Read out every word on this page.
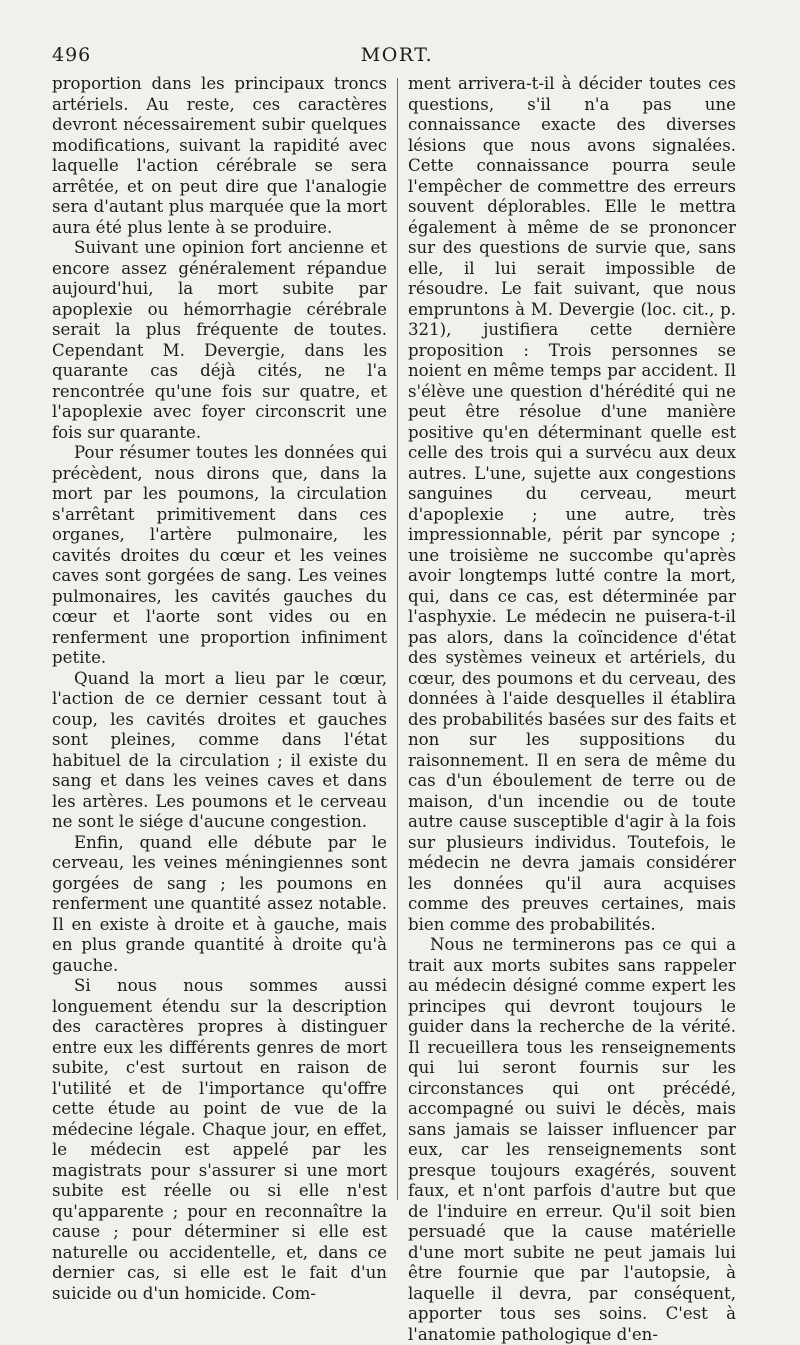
496	MORT.

proportion dans les principaux troncs artériels. Au reste, ces caractères devront nécessairement subir quelques modifications, suivant la rapidité avec laquelle l'action cérébrale se sera arrêtée, et on peut dire que l'analogie sera d'autant plus marquée que la mort aura été plus lente à se produire.

Suivant une opinion fort ancienne et encore assez généralement répandue aujourd'hui, la mort subite par apoplexie ou hémorrhagie cérébrale serait la plus fréquente de toutes. Cependant M. Devergie, dans les quarante cas déjà cités, ne l'a rencontrée qu'une fois sur quatre, et l'apoplexie avec foyer circonscrit une fois sur quarante.

Pour résumer toutes les données qui précèdent, nous dirons que, dans la mort par les poumons, la circulation s'arrêtant primitivement dans ces organes, l'artère pulmonaire, les cavités droites du cœur et les veines caves sont gorgées de sang. Les veines pulmonaires, les cavités gauches du cœur et l'aorte sont vides ou en renferment une proportion infiniment petite.

Quand la mort a lieu par le cœur, l'action de ce dernier cessant tout à coup, les cavités droites et gauches sont pleines, comme dans l'état habituel de la circulation ; il existe du sang et dans les veines caves et dans les artères. Les poumons et le cerveau ne sont le siége d'aucune congestion.

Enfin, quand elle débute par le cerveau, les veines méningiennes sont gorgées de sang ; les poumons en renferment une quantité assez notable. Il en existe à droite et à gauche, mais en plus grande quantité à droite qu'à gauche.

Si nous nous sommes aussi longuement étendu sur la description des caractères propres à distinguer entre eux les différents genres de mort subite, c'est surtout en raison de l'utilité et de l'importance qu'offre cette étude au point de vue de la médecine légale. Chaque jour, en effet, le médecin est appelé par les magistrats pour s'assurer si une mort subite est réelle ou si elle n'est qu'apparente ; pour en reconnaître la cause ; pour déterminer si elle est naturelle ou accidentelle, et, dans ce dernier cas, si elle est le fait d'un suicide ou d'un homicide. Com-

ment arrivera-t-il à décider toutes ces questions, s'il n'a pas une connaissance exacte des diverses lésions que nous avons signalées. Cette connaissance pourra seule l'empêcher de commettre des erreurs souvent déplorables. Elle le mettra également à même de se prononcer sur des questions de survie que, sans elle, il lui serait impossible de résoudre. Le fait suivant, que nous empruntons à M. Devergie (loc. cit., p. 321), justifiera cette dernière proposition : Trois personnes se noient en même temps par accident. Il s'élève une question d'hérédité qui ne peut être résolue d'une manière positive qu'en déterminant quelle est celle des trois qui a survécu aux deux autres. L'une, sujette aux congestions sanguines du cerveau, meurt d'apoplexie ; une autre, très impressionnable, périt par syncope ; une troisième ne succombe qu'après avoir longtemps lutté contre la mort, qui, dans ce cas, est déterminée par l'asphyxie. Le médecin ne puisera-t-il pas alors, dans la coïncidence d'état des systèmes veineux et artériels, du cœur, des poumons et du cerveau, des données à l'aide desquelles il établira des probabilités basées sur des faits et non sur les suppositions du raisonnement. Il en sera de même du cas d'un éboulement de terre ou de maison, d'un incendie ou de toute autre cause susceptible d'agir à la fois sur plusieurs individus. Toutefois, le médecin ne devra jamais considérer les données qu'il aura acquises comme des preuves certaines, mais bien comme des probabilités.

Nous ne terminerons pas ce qui a trait aux morts subites sans rappeler au médecin désigné comme expert les principes qui devront toujours le guider dans la recherche de la vérité. Il recueillera tous les renseignements qui lui seront fournis sur les circonstances qui ont précédé, accompagné ou suivi le décès, mais sans jamais se laisser influencer par eux, car les renseignements sont presque toujours exagérés, souvent faux, et n'ont parfois d'autre but que de l'induire en erreur. Qu'il soit bien persuadé que la cause matérielle d'une mort subite ne peut jamais lui être fournie que par l'autopsie, à laquelle il devra, par conséquent, apporter tous ses soins. C'est à l'anatomie pathologique d'en-
